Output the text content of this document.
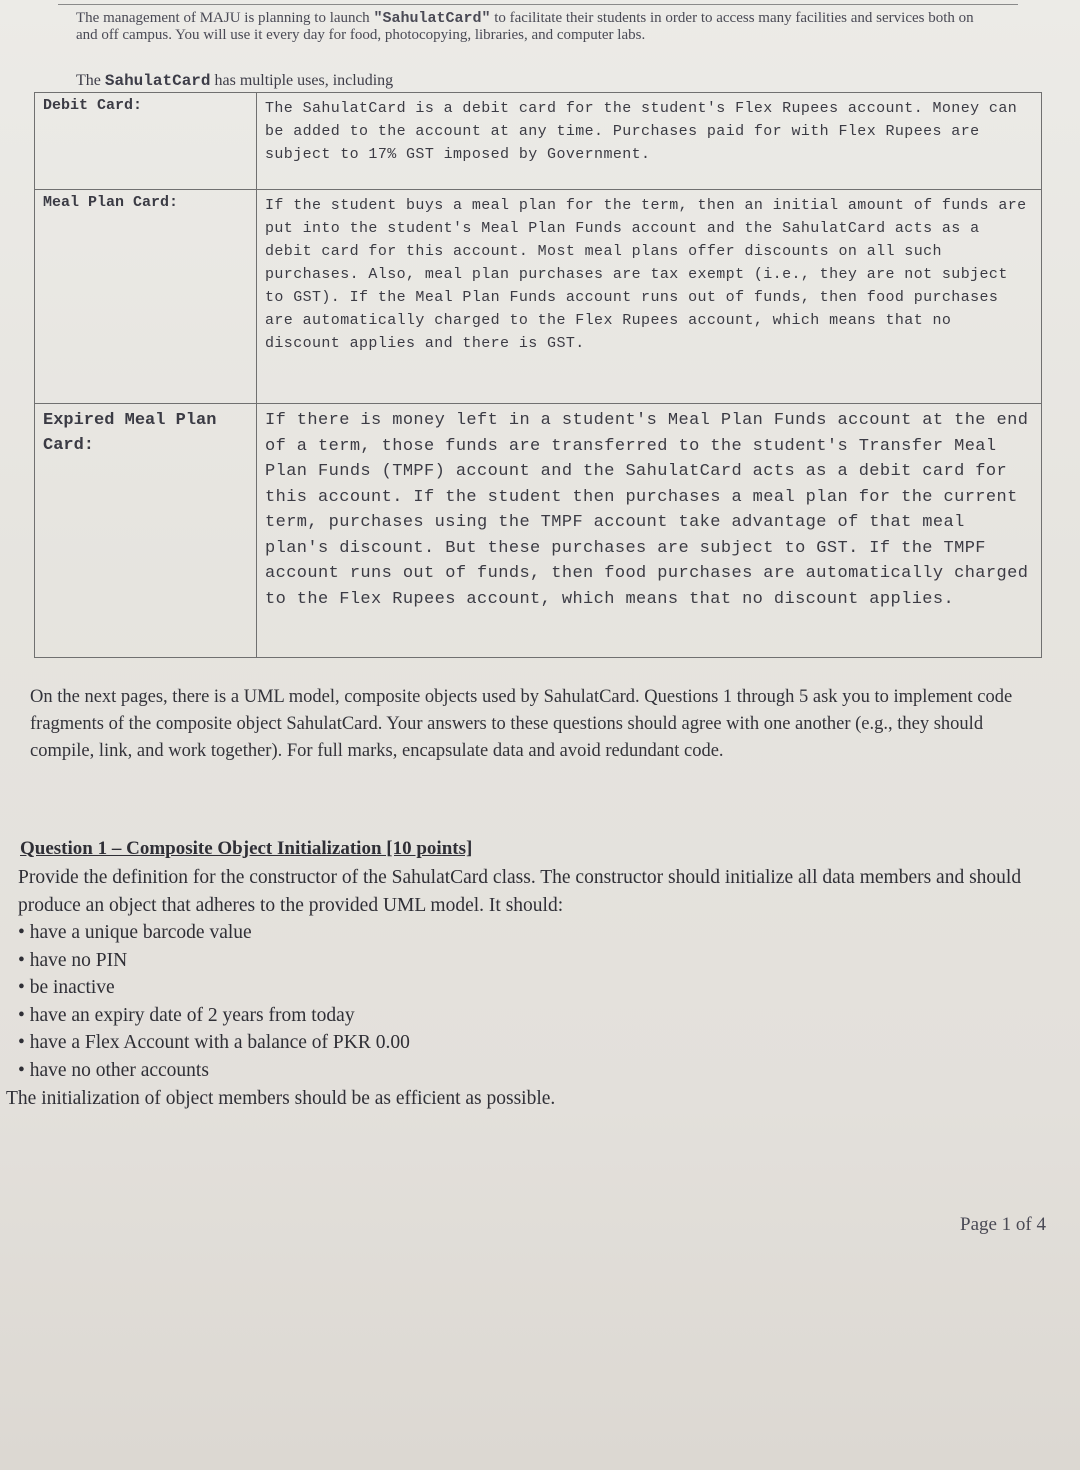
The management of MAJU is planning to launch "SahulatCard" to facilitate their students in order to access many facilities and services both on and off campus. You will use it every day for food, photocopying, libraries, and computer labs.
The SahulatCard has multiple uses, including
Debit Card:	The SahulatCard is a debit card for the student's Flex Rupees account. Money can be added to the account at any time. Purchases paid for with Flex Rupees are subject to 17% GST imposed by Government.
Meal Plan Card:	If the student buys a meal plan for the term, then an initial amount of funds are put into the student's Meal Plan Funds account and the SahulatCard acts as a debit card for this account. Most meal plans offer discounts on all such purchases. Also, meal plan purchases are tax exempt (i.e., they are not subject to GST). If the Meal Plan Funds account runs out of funds, then food purchases are automatically charged to the Flex Rupees account, which means that no discount applies and there is GST.
Expired Meal Plan Card:	If there is money left in a student's Meal Plan Funds account at the end of a term, those funds are transferred to the student's Transfer Meal Plan Funds (TMPF) account and the SahulatCard acts as a debit card for this account. If the student then purchases a meal plan for the current term, purchases using the TMPF account take advantage of that meal plan's discount. But these purchases are subject to GST. If the TMPF account runs out of funds, then food purchases are automatically charged to the Flex Rupees account, which means that no discount applies.
On the next pages, there is a UML model, composite objects used by SahulatCard. Questions 1 through 5 ask you to implement code fragments of the composite object SahulatCard. Your answers to these questions should agree with one another (e.g., they should compile, link, and work together). For full marks, encapsulate data and avoid redundant code.
Question 1 – Composite Object Initialization [10 points]
Provide the definition for the constructor of the SahulatCard class. The constructor should initialize all data members and should produce an object that adheres to the provided UML model. It should:
• have a unique barcode value
• have no PIN
• be inactive
• have an expiry date of 2 years from today
• have a Flex Account with a balance of PKR 0.00
• have no other accounts
The initialization of object members should be as efficient as possible.
Page 1 of 4
